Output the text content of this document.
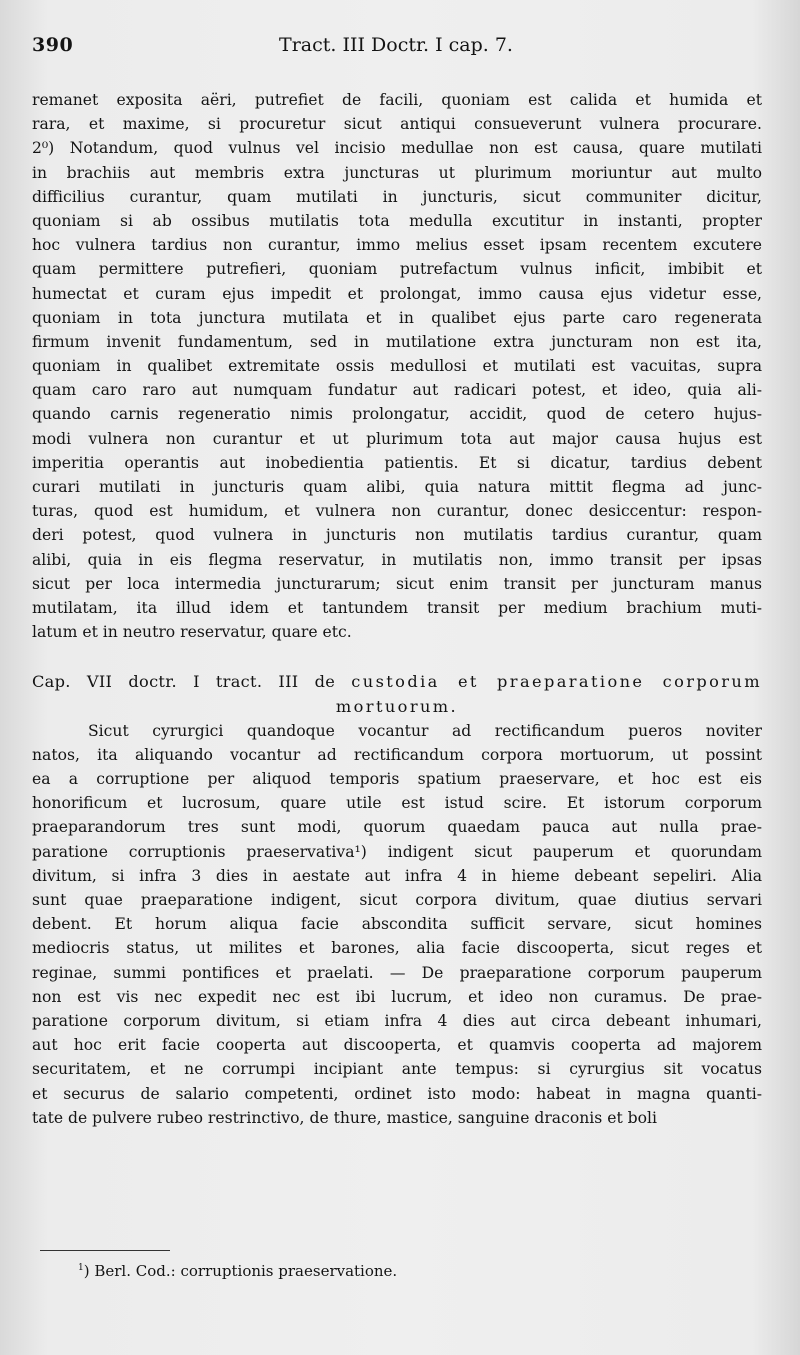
390	Tract. III Doctr. I cap. 7.
remanet exposita aëri, putrefiet de facili, quoniam est calida et humida et
rara, et maxime, si procuretur sicut antiqui consueverunt vulnera procurare.
2⁰) Notandum, quod vulnus vel incisio medullae non est causa, quare mutilati
in brachiis aut membris extra juncturas ut plurimum moriuntur aut multo
difficilius curantur, quam mutilati in juncturis, sicut communiter dicitur,
quoniam si ab ossibus mutilatis tota medulla excutitur in instanti, propter
hoc vulnera tardius non curantur, immo melius esset ipsam recentem excutere
quam permittere putrefieri, quoniam putrefactum vulnus inficit, imbibit et
humectat et curam ejus impedit et prolongat, immo causa ejus videtur esse,
quoniam in tota junctura mutilata et in qualibet ejus parte caro regenerata
firmum invenit fundamentum, sed in mutilatione extra juncturam non est ita,
quoniam in qualibet extremitate ossis medullosi et mutilati est vacuitas, supra
quam caro raro aut numquam fundatur aut radicari potest, et ideo, quia ali-
quando carnis regeneratio nimis prolongatur, accidit, quod de cetero hujus-
modi vulnera non curantur et ut plurimum tota aut major causa hujus est
imperitia operantis aut inobedientia patientis. Et si dicatur, tardius debent
curari mutilati in juncturis quam alibi, quia natura mittit flegma ad junc-
turas, quod est humidum, et vulnera non curantur, donec desiccentur: respon-
deri potest, quod vulnera in juncturis non mutilatis tardius curantur, quam
alibi, quia in eis flegma reservatur, in mutilatis non, immo transit per ipsas
sicut per loca intermedia juncturarum; sicut enim transit per juncturam manus
mutilatam, ita illud idem et tantundem transit per medium brachium muti-
latum et in neutro reservatur, quare etc.
Cap. VII doctr. I tract. III de custodia et praeparatione corporum
mortuorum.
Sicut cyrurgici quandoque vocantur ad rectificandum pueros noviter
natos, ita aliquando vocantur ad rectificandum corpora mortuorum, ut possint
ea a corruptione per aliquod temporis spatium praeservare, et hoc est eis
honorificum et lucrosum, quare utile est istud scire. Et istorum corporum
praeparandorum tres sunt modi, quorum quaedam pauca aut nulla prae-
paratione corruptionis praeservativa¹) indigent sicut pauperum et quorundam
divitum, si infra 3 dies in aestate aut infra 4 in hieme debeant sepeliri. Alia
sunt quae praeparatione indigent, sicut corpora divitum, quae diutius servari
debent. Et horum aliqua facie abscondita sufficit servare, sicut homines
mediocris status, ut milites et barones, alia facie discooperta, sicut reges et
reginae, summi pontifices et praelati. — De praeparatione corporum pauperum
non est vis nec expedit nec est ibi lucrum, et ideo non curamus. De prae-
paratione corporum divitum, si etiam infra 4 dies aut circa debeant inhumari,
aut hoc erit facie cooperta aut discooperta, et quamvis cooperta ad majorem
securitatem, et ne corrumpi incipiant ante tempus: si cyrurgius sit vocatus
et securus de salario competenti, ordinet isto modo: habeat in magna quanti-
tate de pulvere rubeo restrinctivo, de thure, mastice, sanguine draconis et boli
$^1$) Berl. Cod.: corruptionis praeservatione.
